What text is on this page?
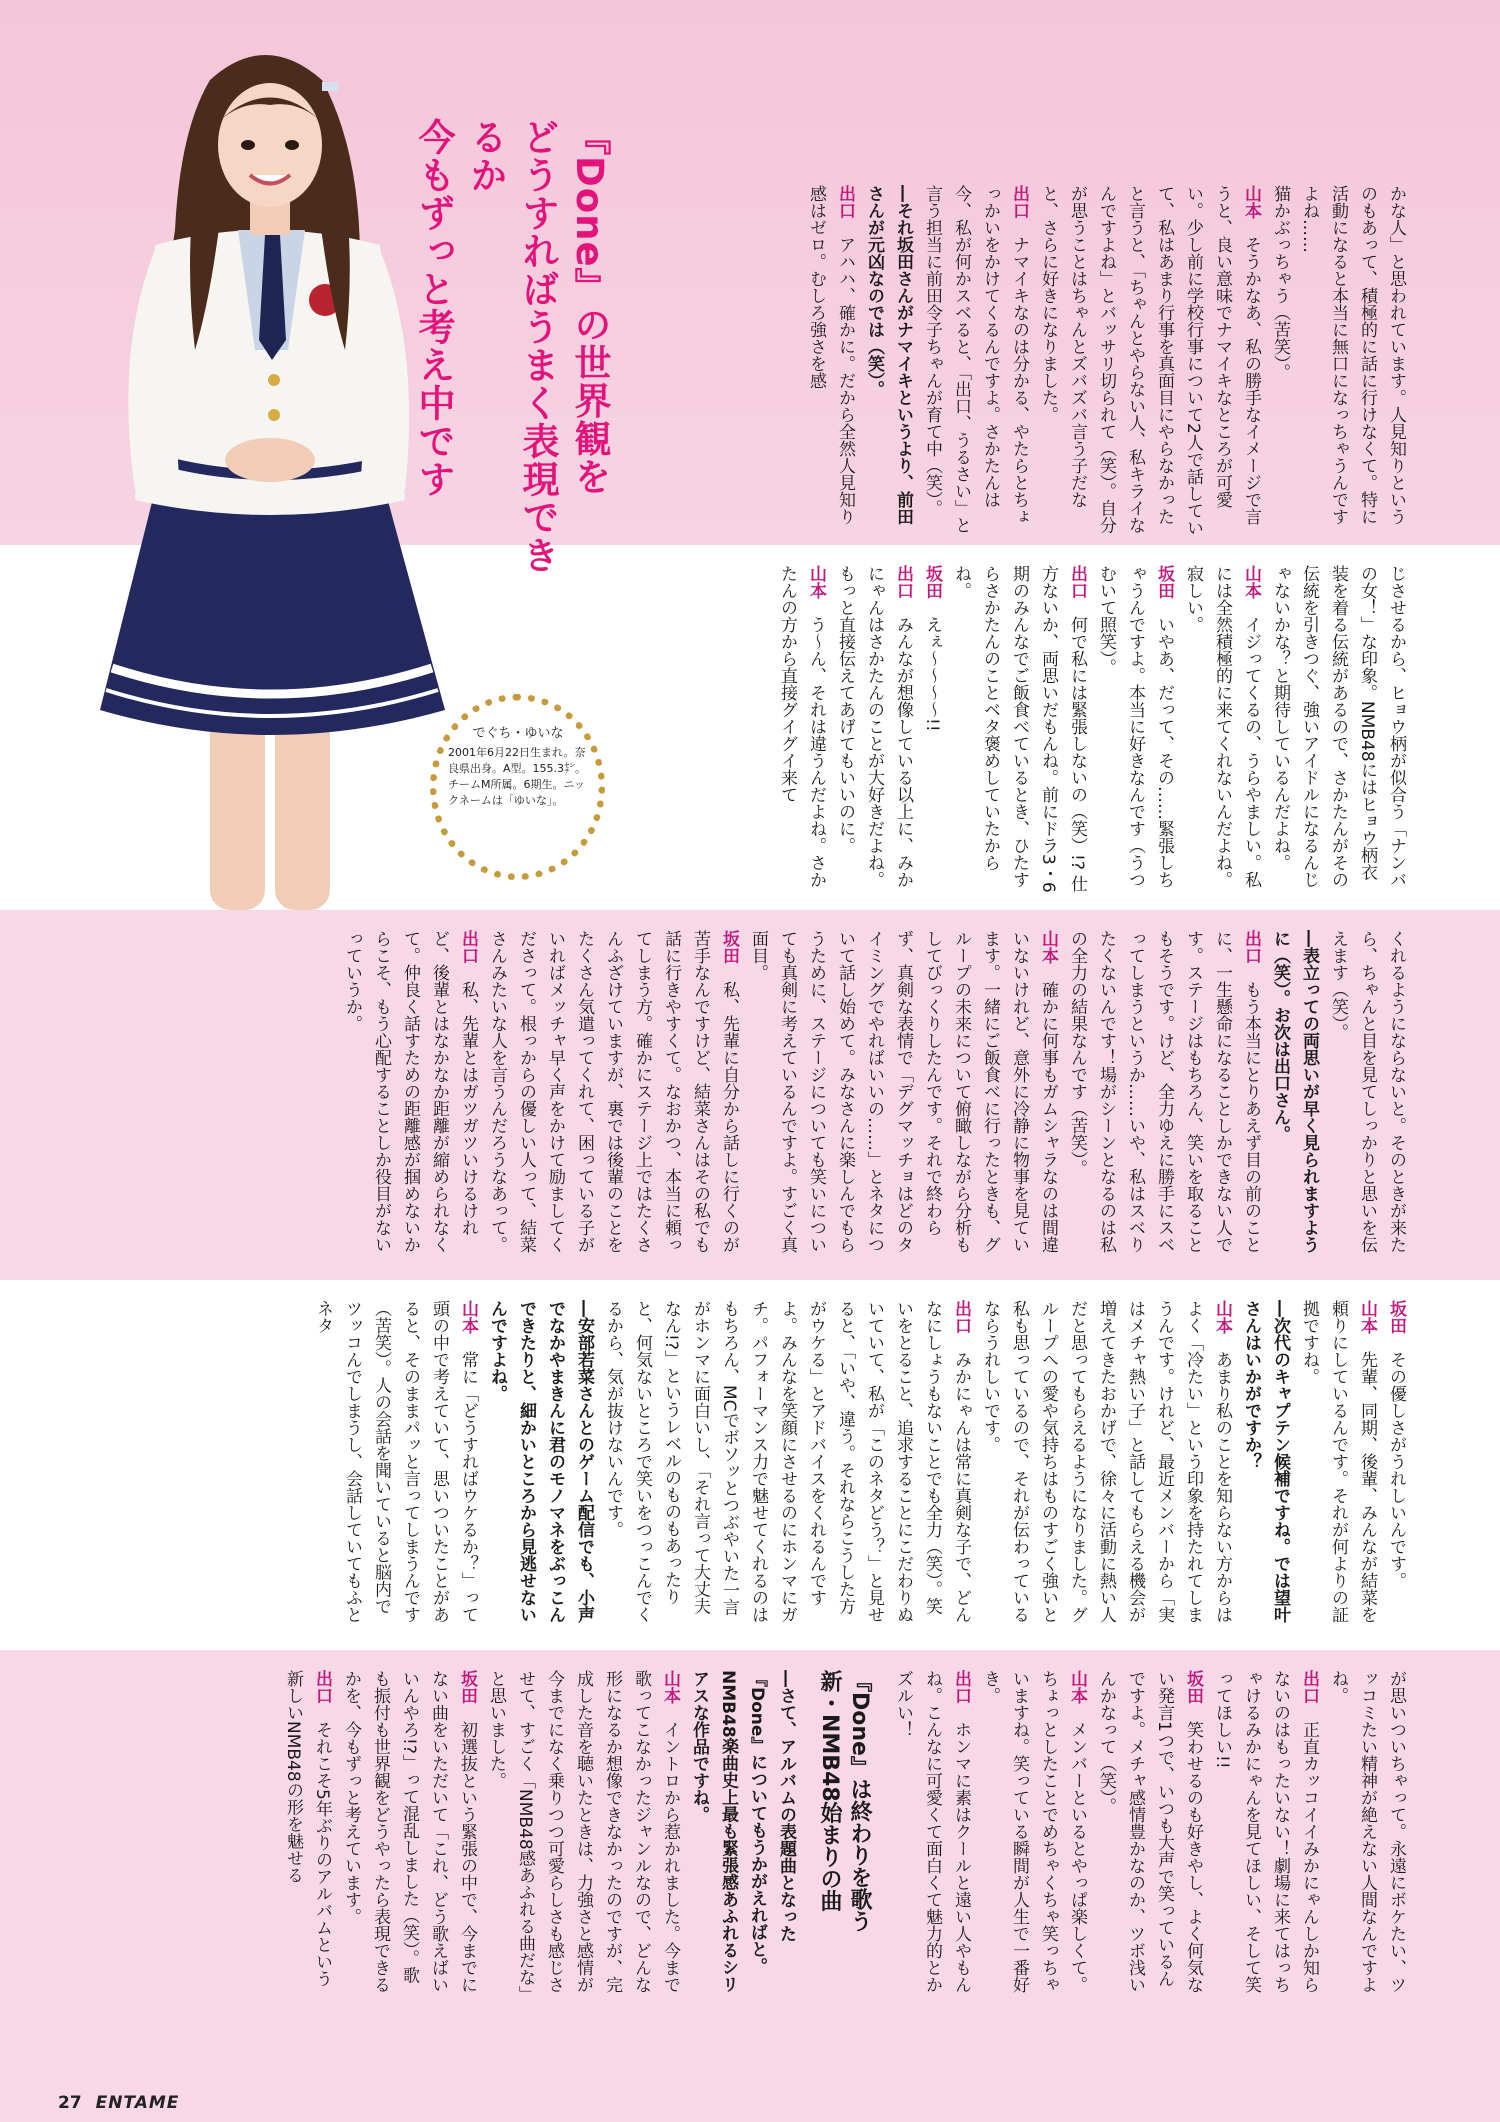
『Done』の世界観を
どうすればうまく表現できるか
今もずっと考え中です
でぐち・ゆいな
2001年6月22日生まれ。奈良県出身。A型。155.3㌢。チームM所属。6期生。ニックネームは「ゆいな」。

かな人」と思われています。人見知りというのもあって、積極的に話に行けなくて。特に活動になると本当に無口になっちゃうんですよね……

猫かぶっちゃう（苦笑）。

山本　そうかなあ、私の勝手なイメージで言うと、良い意味でナマイキなところが可愛い。少し前に学校行事について2人で話していて、私はあまり行事を真面目にやらなかったと言うと、「ちゃんとやらない人、私キライなんですよね」とバッサリ切られて（笑）。自分が思うことはちゃんとズバズバ言う子だなと、さらに好きになりました。

出口　ナマイキなのは分かる、やたらとちょっかいをかけてくるんですよ。さかたんは今、私が何かスベると、「出口、うるさい」と言う担当に前田令子ちゃんが育て中（笑）。

―それ坂田さんがナマイキというより、前田さんが元凶なのでは（笑）。

出口　アハハ、確かに。だから全然人見知り感はゼロ。むしろ強さを感

じさせるから、ヒョウ柄が似合う「ナンバの女！」な印象。NMB48にはヒョウ柄衣装を着る伝統があるので、さかたんがその伝統を引きつぐ、強いアイドルになるんじゃないかな？と期待しているんだよね。

山本　イジってくるの、うらやましい。私には全然積極的に来てくれないんだよね。寂しい。

坂田　いやあ、だって、その……緊張しちゃうんですよ。本当に好きなんです（うつむいて照笑）。

出口　何で私には緊張しないの（笑）!? 仕方ないか、両思いだもんね。前にドラ3・6期のみんなでご飯食べているとき、ひたすらさかたんのことベタ褒めしていたからね。

坂田　えぇ～～～～!!

出口　みんなが想像している以上に、みかにゃんはさかたんのことが大好きだよね。もっと直接伝えてあげてもいいのに。

山本　う～ん、それは違うんだよね。さかたんの方から直接グイグイ来て

くれるようにならないと。そのときが来たら、ちゃんと目を見てしっかりと思いを伝えます（笑）。

―表立っての両思いが早く見られますように（笑）。お次は出口さん。

出口　もう本当にとりあえず目の前のことに、一生懸命になることしかできない人です。ステージはもちろん、笑いを取ることもそうです。けど、全力ゆえに勝手にスベってしまうというか……いや、私はスベりたくないんです！場がシーンとなるのは私の全力の結果なんです（苦笑）。

山本　確かに何事もガムシャラなのは間違いないけれど、意外に冷静に物事を見ています。一緒にご飯食べに行ったときも、グループの未来について俯瞰しながら分析もしてびっくりしたんです。それで終わらず、真剣な表情で「デグマッチョはどのタイミングでやればいいの……」とネタについて話し始めて。みなさんに楽しんでもらうために、ステージについても笑いについても真剣に考えているんですよ。すごく真面目。

坂田　私、先輩に自分から話しに行くのが苦手なんですけど、結菜さんはその私でも話に行きやすくて。なおかつ、本当に頼ってしまう方。確かにステージ上ではたくさんふざけていますが、裏では後輩のことをたくさん気遣ってくれて、困っている子がいればメッチャ早く声をかけて励ましてくださって。根っからの優しい人って、結菜さんみたいな人を言うんだろうなあって。

出口　私、先輩とはガツガツいけるけれど、後輩とはなかなか距離が縮められなくて。仲良く話すための距離感が掴めないからこそ、もう心配することしか役目がないっていうか。

坂田　その優しさがうれしいんです。

山本　先輩、同期、後輩、みんなが結菜を頼りにしているんです。それが何よりの証拠ですね。

―次代のキャプテン候補ですね。では望叶さんはいかがですか？

山本　あまり私のことを知らない方からはよく「冷たい」という印象を持たれてしまうんです。けれど、最近メンバーから「実はメチャ熱い子」と話してもらえる機会が増えてきたおかげで、徐々に活動に熱い人だと思ってもらえるようになりました。グループへの愛や気持ちはものすごく強いと私も思っているので、それが伝わっているならうれしいです。

出口　みかにゃんは常に真剣な子で、どんなにしょうもないことでも全力（笑）。笑いをとること、追求することにこだわりぬいていて、私が「このネタどう？」と見せると、「いや、違う。それならこうした方がウケる」とアドバイスをくれるんですよ。みんなを笑顔にさせるのにホンマにガチ。パフォーマンス力で魅せてくれるのはもちろん、MCでボソッとつぶやいた一言がホンマに面白いし、「それ言って大丈夫なん!?」というレベルのものもあったりと、何気ないところで笑いをつっこんでくるから、気が抜けないんです。

―安部若菜さんとのゲーム配信でも、小声でなかやまきんに君のモノマネをぶっこんできたりと、細かいところから見逃せないんですよね。

山本　常に「どうすればウケるか？」って頭の中で考えていて、思いついたことがあると、そのままパッと言ってしまうんです（苦笑）。人の会話を聞いていると脳内でツッコんでしまうし、会話していてもふとネタ

が思いついちゃって。永遠にボケたい、ツッコミたい精神が絶えない人間なんですよね。

出口　正直カッコイイみかにゃんしか知らないのはもったいない！劇場に来てはっちゃけるみかにゃんを見てほしい、そして笑ってほしい!!

坂田　笑わせるのも好きやし、よく何気ない発言1つで、いつも大声で笑っているんですよ。メチャ感情豊かなのか、ツボ浅いんかなって（笑）。

山本　メンバーといるとやっぱ楽しくて。ちょっとしたことでめちゃくちゃ笑っちゃいますね。笑っている瞬間が人生で一番好き。

出口　ホンマに素はクールと遠い人やもんね。こんなに可愛くて面白くて魅力的とかズルい！

『Done』は終わりを歌う
新・NMB48始まりの曲

―さて、アルバムの表題曲となった『Done』についてもうかがえればと。NMB48楽曲史上最も緊張感あふれるシリアスな作品ですね。

山本　イントロから惹かれました。今まで歌ってこなかったジャンルなので、どんな形になるか想像できなかったのですが、完成した音を聴いたときは、力強さと感情が今までになく乗りつつ可愛らしさも感じさせて、すごく「NMB48感あふれる曲だな」と思いました。

坂田　初選抜という緊張の中で、今までにない曲をいただいて「これ、どう歌えばいいんやろ!?」って混乱しました（笑）。歌も振付も世界観をどうやったら表現できるかを、今もずっと考えています。

出口　それこそ5年ぶりのアルバムという新しいNMB48の形を魅せる

27 ENTAME
